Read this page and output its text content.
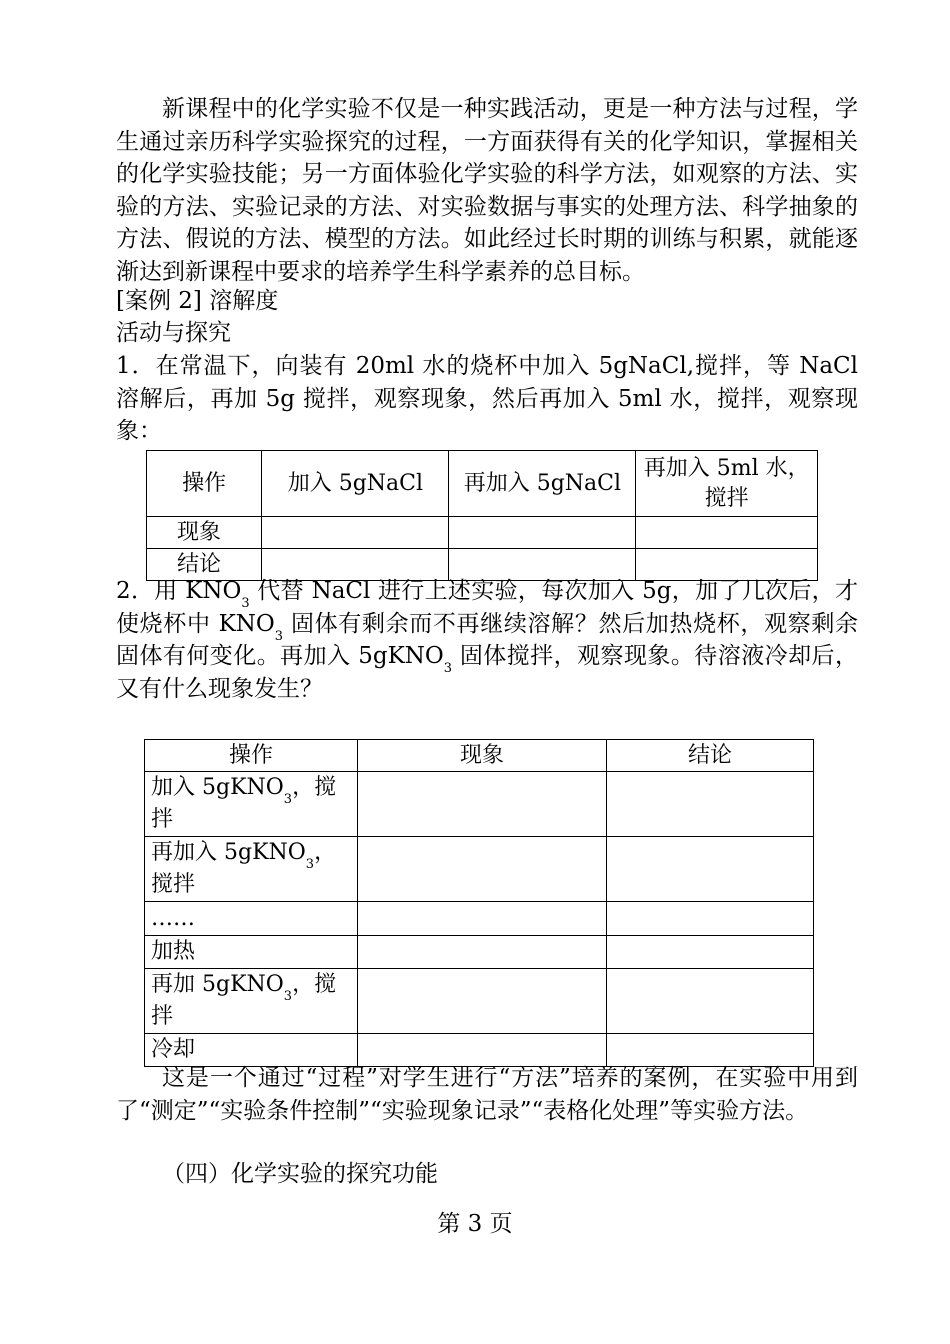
新课程中的化学实验不仅是一种实践活动，更是一种方法与过程，学生通过亲历科学实验探究的过程，一方面获得有关的化学知识，掌握相关的化学实验技能；另一方面体验化学实验的科学方法，如观察的方法、实验的方法、实验记录的方法、对实验数据与事实的处理方法、科学抽象的方法、假说的方法、模型的方法。如此经过长时期的训练与积累，就能逐渐达到新课程中要求的培养学生科学素养的总目标。

[案例 2] 溶解度

活动与探究

1．在常温下，向装有 20ml 水的烧杯中加入 5gNaCl,搅拌，等 NaCl 溶解后，再加 5g 搅拌，观察现象，然后再加入 5ml 水，搅拌，观察现象：

操作	加入 5gNaCl	再加入 5gNaCl	再加入 5ml 水，搅拌
现象			
结论			

2．用 $KNO_3$ 代替 NaCl 进行上述实验，每次加入 5g，加了几次后，才使烧杯中 $KNO_3$ 固体有剩余而不再继续溶解？然后加热烧杯，观察剩余固体有何变化。再加入 5gKNO$_3$ 固体搅拌，观察现象。待溶液冷却后，又有什么现象发生？

操作	现象	结论
加入 5gKNO$_3$，搅拌		
再加入 5gKNO$_3$，搅拌		
……		
加热		
再加 5gKNO$_3$，搅拌		
冷却		

这是一个通过“过程”对学生进行“方法”培养的案例，在实验中用到了“测定”“实验条件控制”“实验现象记录”“表格化处理”等实验方法。

（四）化学实验的探究功能

第 3 页
